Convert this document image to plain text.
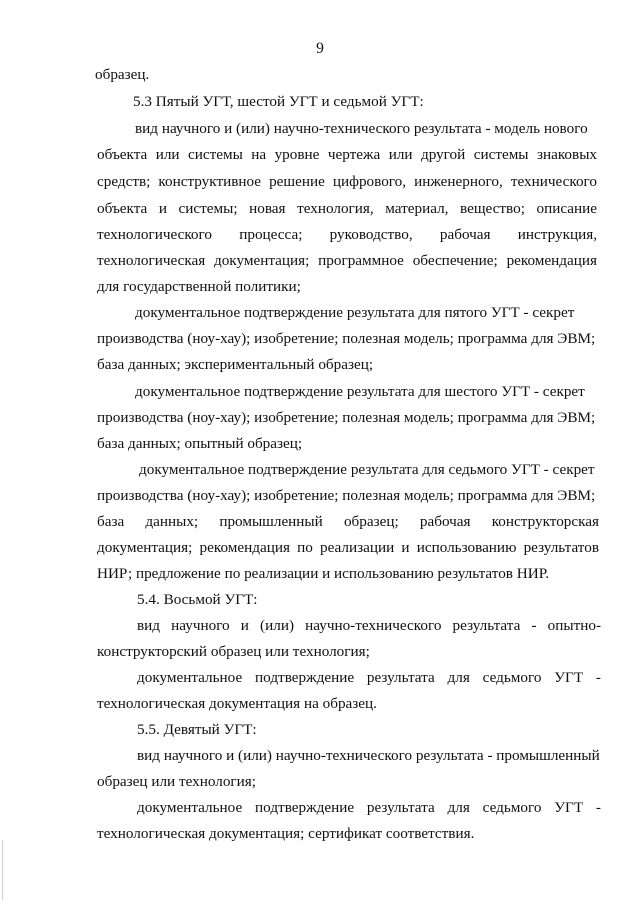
9
образец.
5.3 Пятый УГТ, шестой УГТ и седьмой УГТ:
вид научного и (или) научно-технического результата - модель нового
объекта или системы на уровне чертежа или другой системы знаковых
средств; конструктивное решение цифрового, инженерного, технического
объекта и системы; новая технология, материал, вещество; описание
технологического процесса; руководство, рабочая инструкция,
технологическая документация; программное обеспечение; рекомендация
для государственной политики;
документальное подтверждение результата для пятого УГТ - секрет
производства (ноу-хау); изобретение; полезная модель; программа для ЭВМ;
база данных; экспериментальный образец;
документальное подтверждение результата для шестого УГТ - секрет
производства (ноу-хау); изобретение; полезная модель; программа для ЭВМ;
база данных; опытный образец;
документальное подтверждение результата для седьмого УГТ - секрет
производства (ноу-хау); изобретение; полезная модель; программа для ЭВМ;
база данных; промышленный образец; рабочая конструкторская
документация; рекомендация по реализации и использованию результатов
НИР; предложение по реализации и использованию результатов НИР.
5.4. Восьмой УГТ:
вид научного и (или) научно-технического результата - опытно-
конструкторский образец или технология;
документальное подтверждение результата для седьмого УГТ -
технологическая документация на образец.
5.5. Девятый УГТ:
вид научного и (или) научно-технического результата - промышленный
образец или технология;
документальное подтверждение результата для седьмого УГТ -
технологическая документация; сертификат соответствия.
